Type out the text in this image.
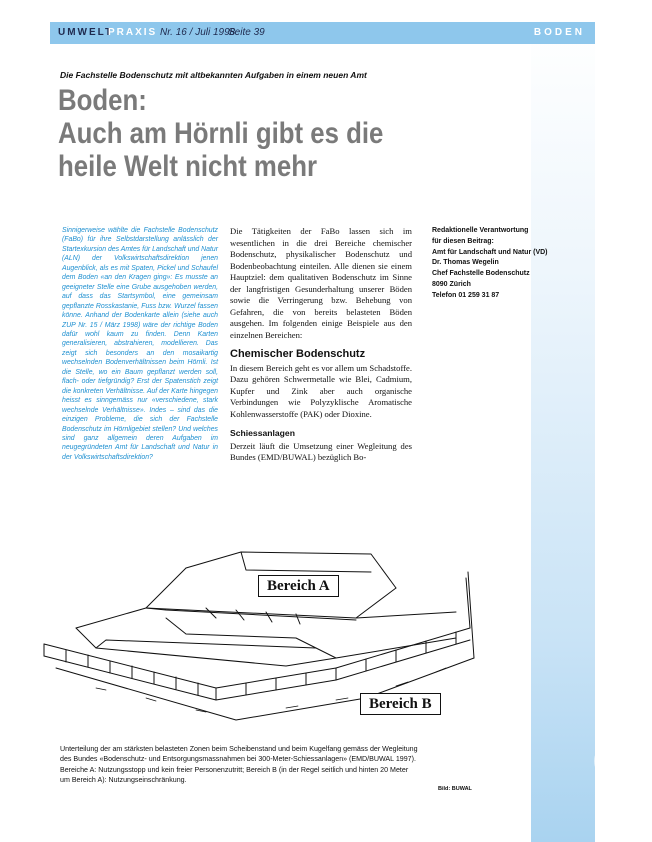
BODEN
UMWELT
PRAXIS Nr. 16 / Juli 1998
Seite 39	BODEN
Die Fachstelle Bodenschutz mit altbekannten Aufgaben in einem neuen Amt
Boden:
Auch am Hörnli gibt es die
heile Welt nicht mehr
Sinnigerweise wählte die Fachstelle Bodenschutz (FaBo) für ihre Selbstdarstellung anlässlich der Startexkursion des Amtes für Landschaft und Natur (ALN) der Volkswirtschaftsdirektion jenen Augenblick, als es mit Spaten, Pickel und Schaufel dem Boden «an den Kragen ging»: Es musste an geeigneter Stelle eine Grube ausgehoben werden, auf dass das Startsymbol, eine gemeinsam gepflanzte Rosskastanie, Fuss bzw. Wurzel fassen könne. Anhand der Bodenkarte allein (siehe auch ZUP Nr. 15 / März 1998) wäre der richtige Boden dafür wohl kaum zu finden. Denn Karten generalisieren, abstrahieren, modellieren. Das zeigt sich besonders an den mosaikartig wechselnden Bodenverhältnissen beim Hörnli. Ist die Stelle, wo ein Baum gepflanzt werden soll, flach- oder tiefgründig? Erst der Spatenstich zeigt die konkreten Verhältnisse. Auf der Karte hingegen heisst es sinngemäss nur «verschiedene, stark wechselnde Verhältnisse». Indes – sind das die einzigen Probleme, die sich der Fachstelle Bodenschutz im Hörnligebiet stellen? Und welches sind ganz allgemein deren Aufgaben im neugegründeten Amt für Landschaft und Natur in der Volkswirtschaftsdirektion?

Die Tätigkeiten der FaBo lassen sich im wesentlichen in die drei Bereiche chemischer Bodenschutz, physikalischer Bodenschutz und Bodenbeobachtung einteilen. Alle dienen sie einem Hauptziel: dem qualitativen Bodenschutz im Sinne der langfristigen Gesunderhaltung unserer Böden sowie die Verringerung bzw. Behebung von Gefahren, die von bereits belasteten Böden ausgehen. Im folgenden einige Beispiele aus den einzelnen Bereichen:

Chemischer Bodenschutz

In diesem Bereich geht es vor allem um Schadstoffe. Dazu gehören Schwermetalle wie Blei, Cadmium, Kupfer und Zink aber auch organische Verbindungen wie Polyzyklische Aromatische Kohlenwasserstoffe (PAK) oder Dioxine.

Schiessanlagen

Derzeit läuft die Umsetzung einer Wegleitung des Bundes (EMD/BUWAL) bezüglich Bo-

Redaktionelle Verantwortung
für diesen Beitrag:
Amt für Landschaft und Natur (VD)
Dr. Thomas Wegelin
Chef Fachstelle Bodenschutz
8090 Zürich
Telefon 01 259 31 87
Bereich A
Bereich B
Unterteilung der am stärksten belasteten Zonen beim Scheibenstand und beim Kugelfang gemäss der Wegleitung
des Bundes «Bodenschutz- und Entsorgungsmassnahmen bei 300-Meter-Schiessanlagen» (EMD/BUWAL 1997).
Bereiche A: Nutzungsstopp und kein freier Personenzutritt; Bereich B (in der Regel seitlich und hinten 20 Meter
um Bereich A): Nutzungseinschränkung.
Bild: BUWAL
